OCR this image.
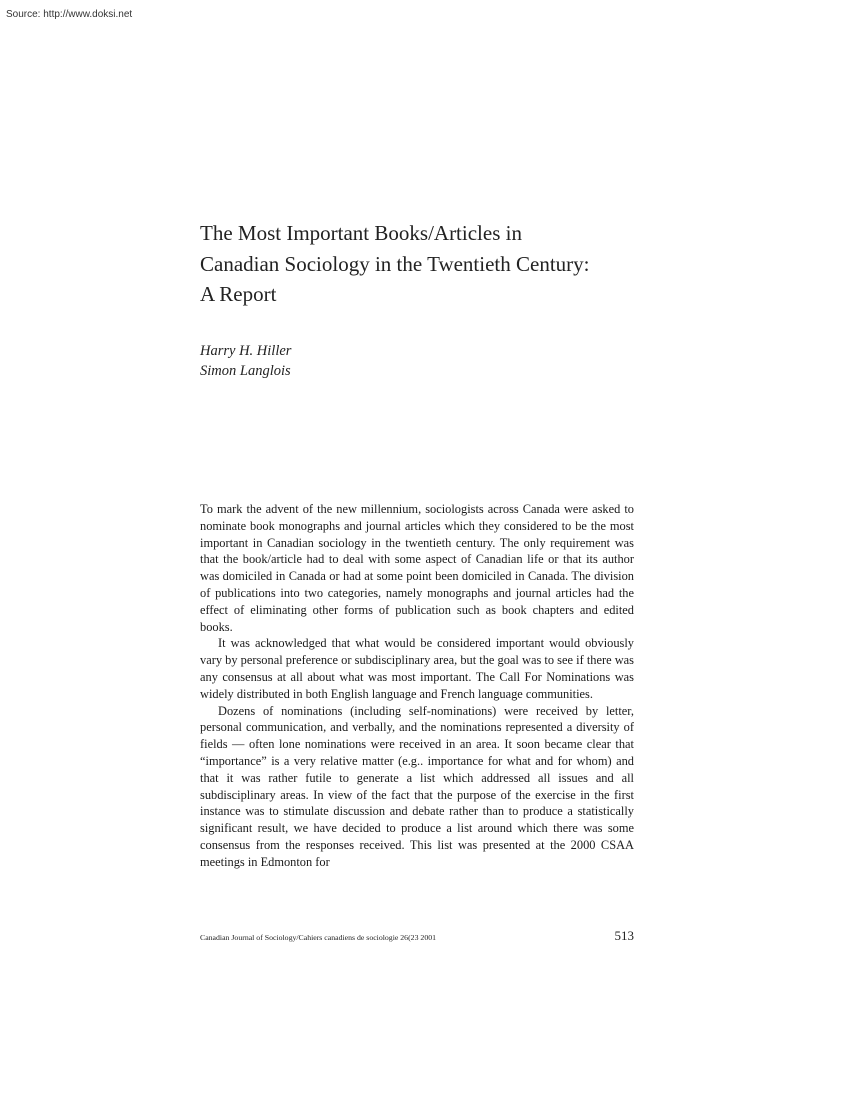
Source: http://www.doksi.net
The Most Important Books/Articles in
Canadian Sociology in the Twentieth Century:
A Report
Harry H. Hiller
Simon Langlois

To mark the advent of the new millennium, sociologists across Canada were asked to nominate book monographs and journal articles which they considered to be the most important in Canadian sociology in the twentieth century. The only requirement was that the book/article had to deal with some aspect of Canadian life or that its author was domiciled in Canada or had at some point been domiciled in Canada. The division of publications into two categories, namely monographs and journal articles had the effect of eliminating other forms of publication such as book chapters and edited books.

It was acknowledged that what would be considered important would obviously vary by personal preference or subdisciplinary area, but the goal was to see if there was any consensus at all about what was most important. The Call For Nominations was widely distributed in both English language and French language communities.

Dozens of nominations (including self-nominations) were received by letter, personal communication, and verbally, and the nominations represented a diversity of fields — often lone nominations were received in an area. It soon became clear that “importance” is a very relative matter (e.g.. importance for what and for whom) and that it was rather futile to generate a list which addressed all issues and all subdisciplinary areas. In view of the fact that the purpose of the exercise in the first instance was to stimulate discussion and debate rather than to produce a statistically significant result, we have decided to produce a list around which there was some consensus from the responses received. This list was presented at the 2000 CSAA meetings in Edmonton for

Canadian Journal of Sociology/Cahiers canadiens de sociologie 26(23 2001	513
